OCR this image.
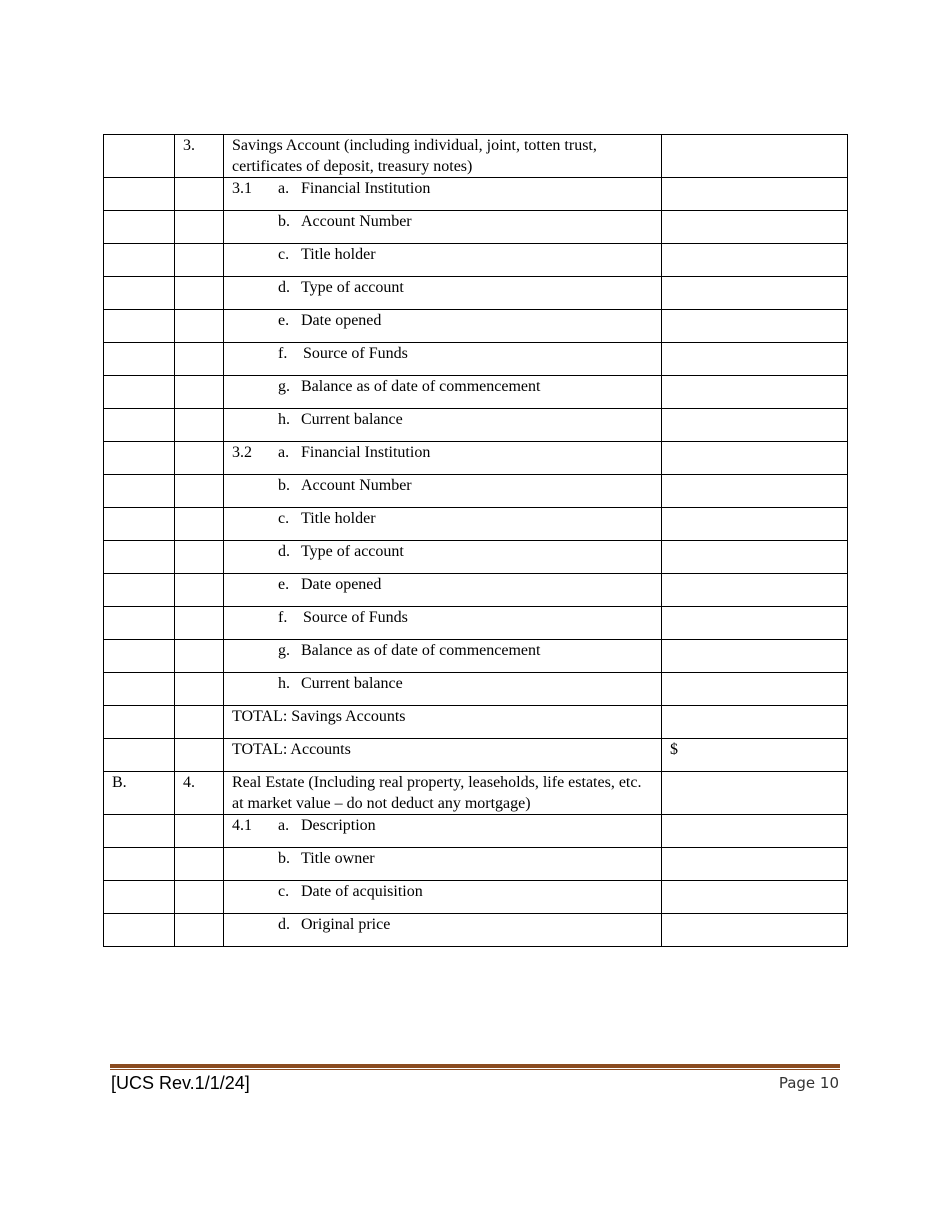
	3.	Savings Account (including individual, joint, totten trust, certificates of deposit, treasury notes)	
		3.1 a. Financial Institution	
		b. Account Number	
		c. Title holder	
		d. Type of account	
		e. Date opened	
		f. Source of Funds	
		g. Balance as of date of commencement	
		h. Current balance	
		3.2 a. Financial Institution	
		b. Account Number	
		c. Title holder	
		d. Type of account	
		e. Date opened	
		f. Source of Funds	
		g. Balance as of date of commencement	
		h. Current balance	
		TOTAL: Savings Accounts	
		TOTAL: Accounts	$
B.	4.	Real Estate (Including real property, leaseholds, life estates, etc. at market value – do not deduct any mortgage)	
		4.1 a. Description	
		b. Title owner	
		c. Date of acquisition	
		d. Original price	
[UCS Rev.1/1/24]	Page 10
